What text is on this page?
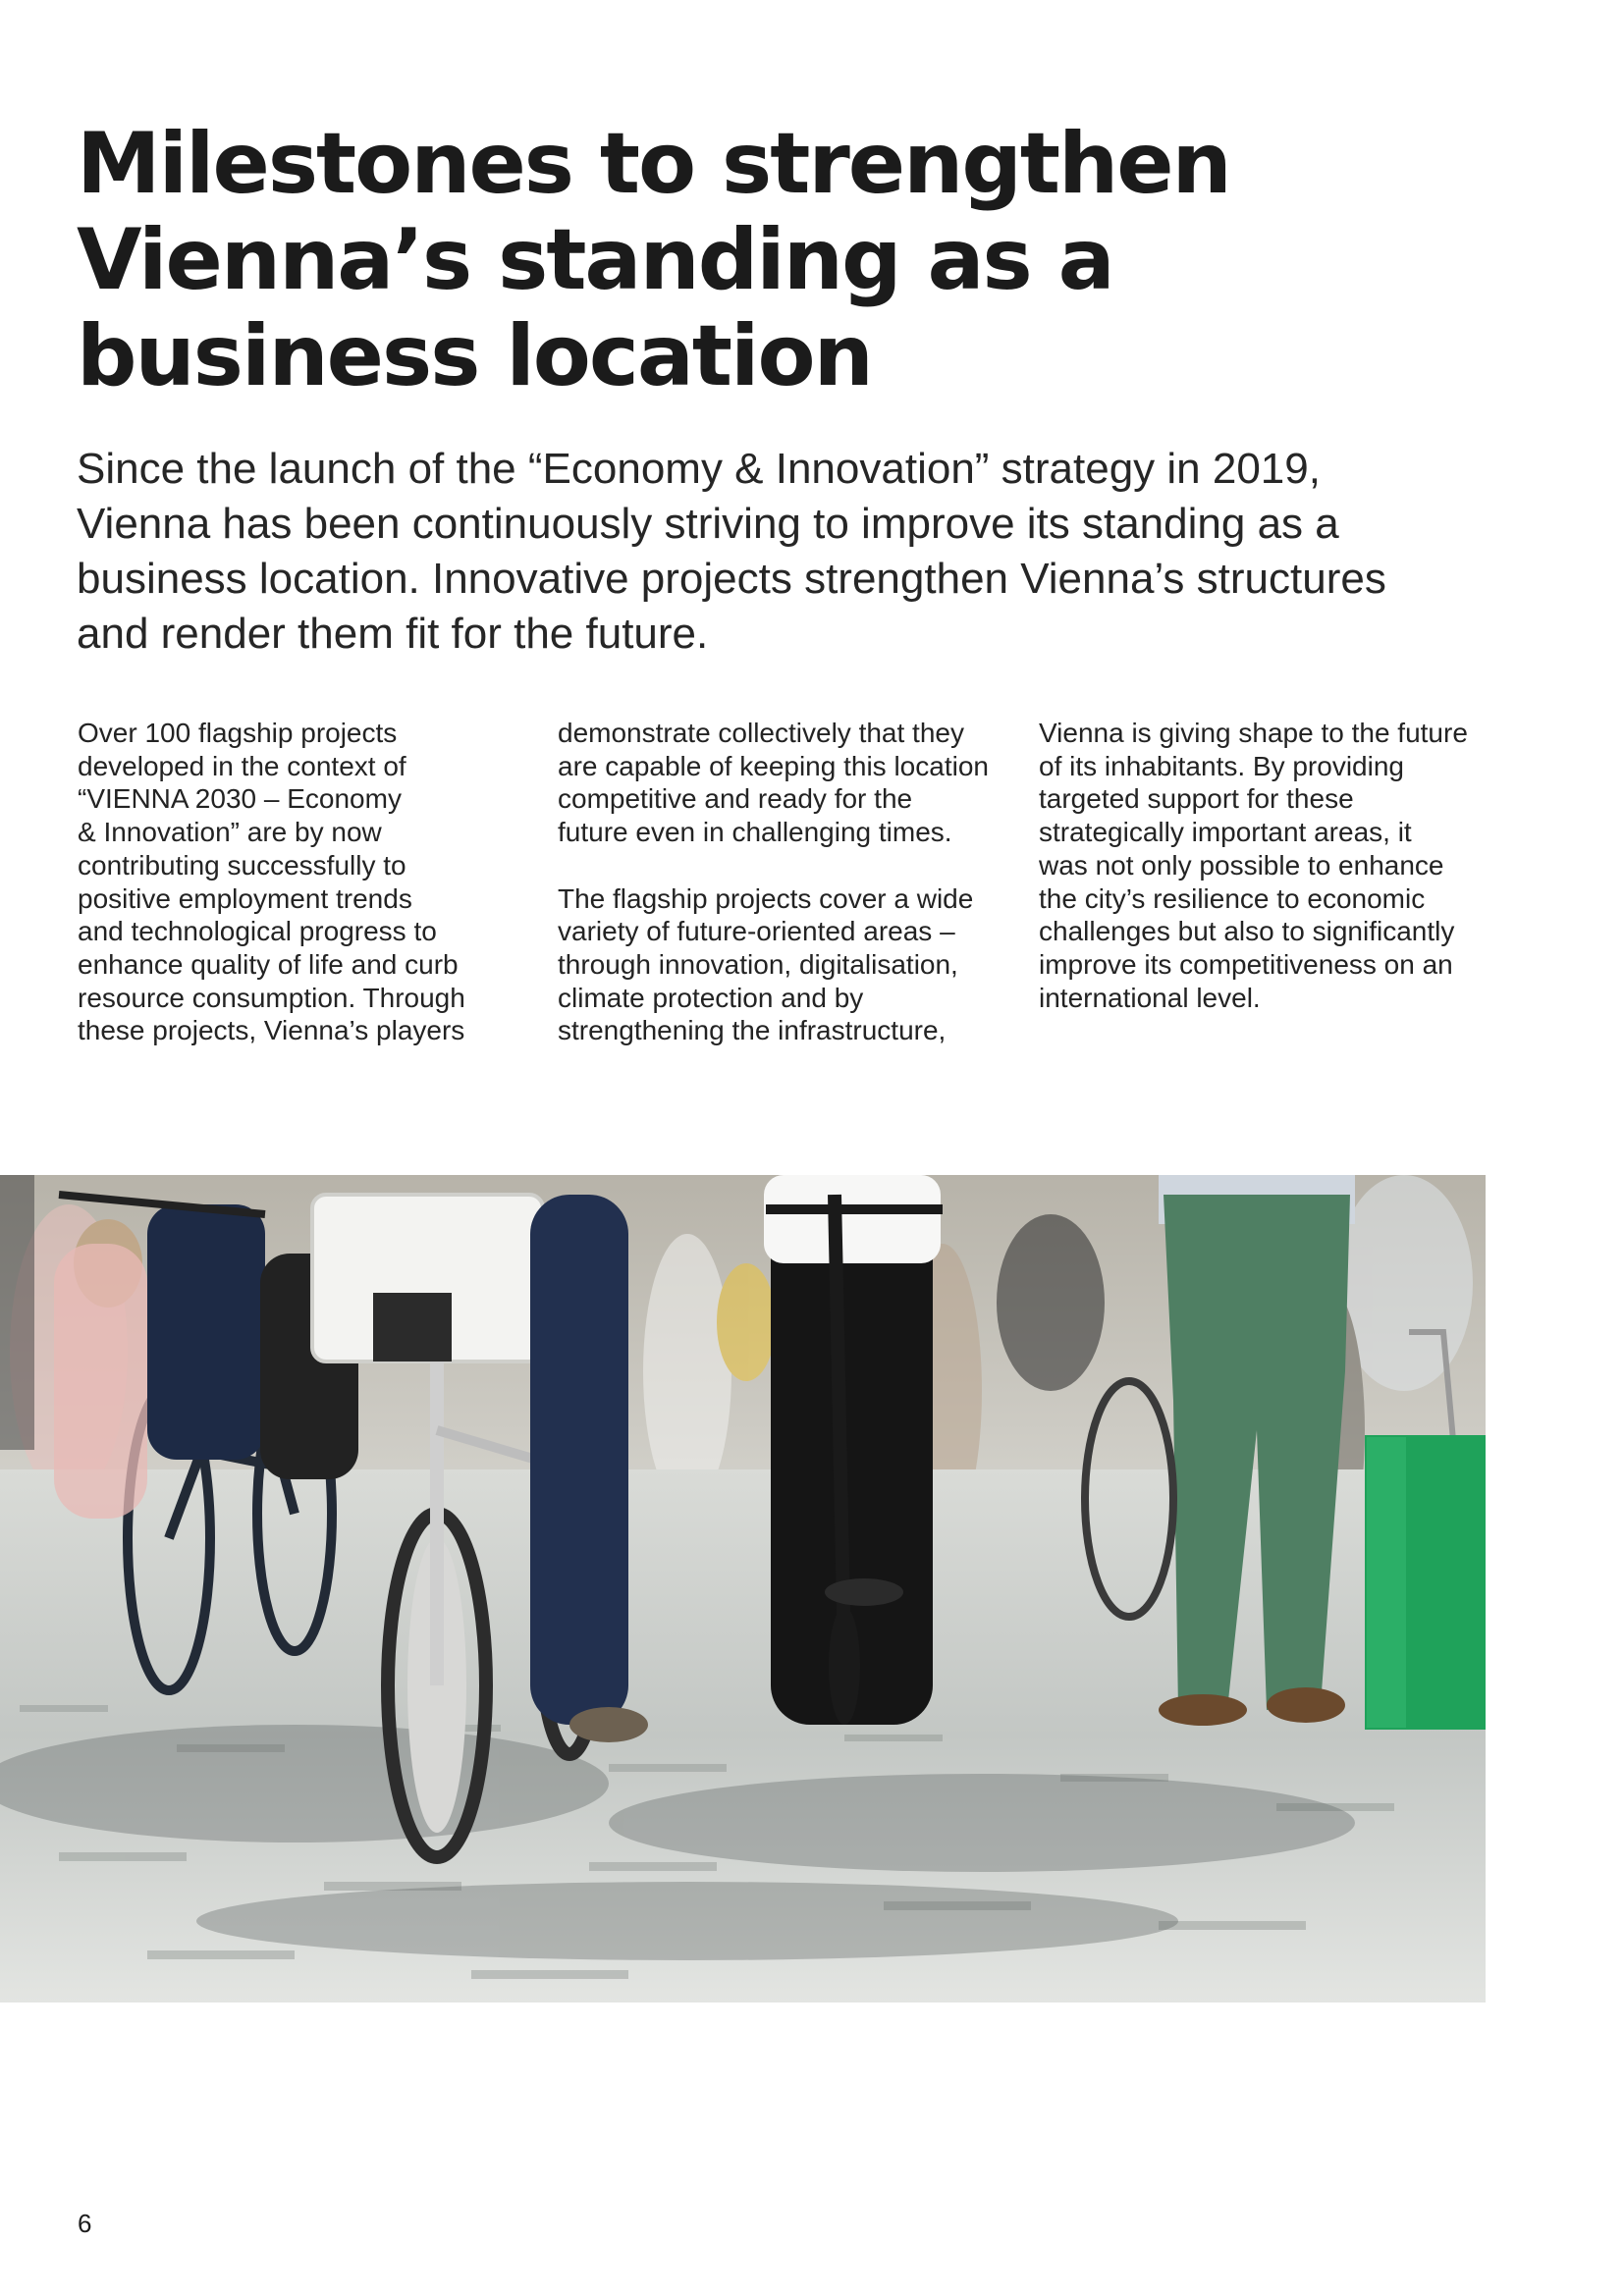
Milestones to strengthen
Vienna’s standing as a
business location

Since the launch of the “Economy & Innovation” strategy in 2019,
Vienna has been continuously striving to improve its standing as a
business location. Innovative projects strengthen Vienna’s structures
and render them fit for the future.

Over 100 flagship projects
developed in the context of
“VIENNA 2030 – Economy
& Innovation” are by now
contributing successfully to
positive employment trends
and technological progress to
enhance quality of life and curb
resource consumption. Through
these projects, Vienna’s players
demonstrate collectively that they
are capable of keeping this location
competitive and ready for the
future even in challenging times.
The flagship projects cover a wide
variety of future-oriented areas –
through innovation, digitalisation,
climate protection and by
strengthening the infrastructure,
Vienna is giving shape to the future
of its inhabitants. By providing
targeted support for these
strategically important areas, it
was not only possible to enhance
the city’s resilience to economic
challenges but also to significantly
improve its competitiveness on an
international level.
6
